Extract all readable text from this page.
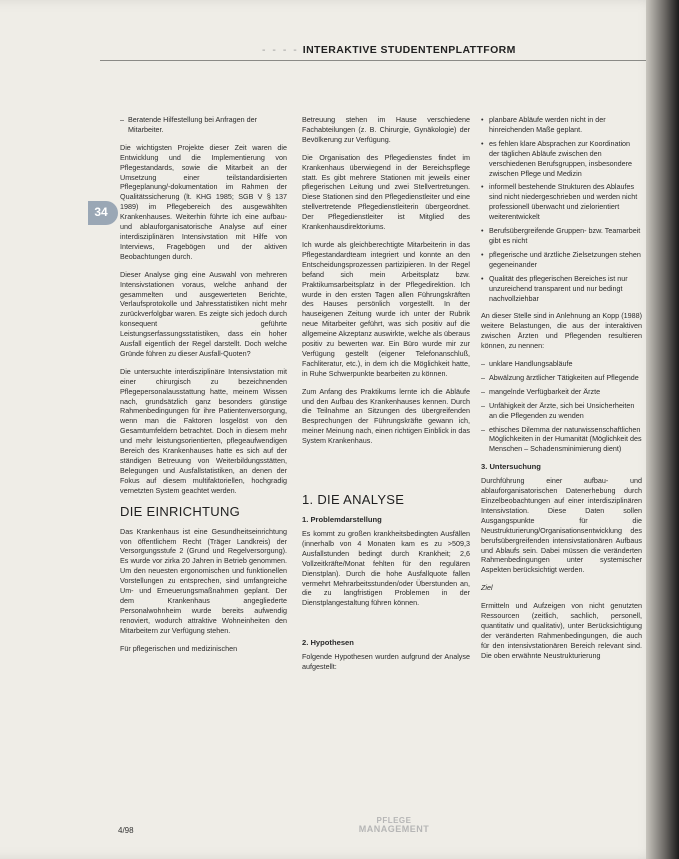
- - - - INTERAKTIVE STUDENTENPLATTFORM
34
– Beratende Hilfestellung bei Anfragen der Mitarbeiter.

Die wichtigsten Projekte dieser Zeit waren die Entwicklung und die Implementierung von Pflegestandards, sowie die Mitarbeit an der Umsetzung einer teilstandardisierten Pflegeplanung/-dokumentation im Rahmen der Qualitätssicherung (lt. KHG 1985; SGB V § 137 1989) im Pflegebereich des ausgewählten Krankenhauses. Weiterhin führte ich eine aufbau- und ablauforganisatorische Analyse auf einer interdisziplinären Intensivstation mit Hilfe von Interviews, Fragebögen und der aktiven Beobachtungen durch.

Dieser Analyse ging eine Auswahl von mehreren Intensivstationen voraus, welche anhand der gesammelten und ausgewerteten Berichte, Verlaufsprotokolle und Jahresstatistiken nicht mehr zurückverfolgbar waren. Es zeigte sich jedoch durch konsequent geführte Leistungserfassungsstatistiken, dass ein hoher Ausfall eigentlich der Regel darstellt. Doch welche Gründe führen zu dieser Ausfall-Quoten?

Die untersuchte interdisziplinäre Intensivstation mit einer chirurgisch zu bezeichnenden Pflegepersonalausstattung hatte, meinem Wissen nach, grundsätzlich ganz besonders günstige Rahmenbedingungen für ihre Patientenversorgung, wenn man die Faktoren losgelöst von den Gesamtumfeldern betrachtet. Doch in diesem mehr und mehr leistungsorientierten, pflegeaufwendigen Bereich des Krankenhauses hatte es sich auf der ständigen Betreuung von Weiterbildungsstätten, Belegungen und Ausfallstatistiken, an denen der Fokus auf diesem multifaktoriellen, hochgradig vernetzten System geachtet werden.

DIE EINRICHTUNG

Das Krankenhaus ist eine Gesundheitseinrichtung von öffentlichem Recht (Träger Landkreis) der Versorgungsstufe 2 (Grund und Regelversorgung). Es wurde vor zirka 20 Jahren in Betrieb genommen. Um den neuesten ergonomischen und funktionellen Vorstellungen zu entsprechen, sind umfangreiche Um- und Erneuerungsmaßnahmen geplant. Der dem Krankenhaus angegliederte Personalwohnheim wurde bereits aufwendig renoviert, wodurch attraktive Wohneinheiten den Mitarbeitern zur Verfügung stehen.

Für pflegerischen und medizinischen

Betreuung stehen im Hause verschiedene Fachabteilungen (z. B. Chirurgie, Gynäkologie) der Bevölkerung zur Verfügung.

Die Organisation des Pflegedienstes findet im Krankenhaus überwiegend in der Bereichspflege statt. Es gibt mehrere Stationen mit jeweils einer pflegerischen Leitung und zwei Stellvertretungen. Diese Stationen sind den Pflegedienstleiter und eine stellvertretende Pflegedienstleiterin übergeordnet. Der Pflegedienstleiter ist Mitglied des Krankenhausdirektoriums.

Ich wurde als gleichberechtigte Mitarbeiterin in das Pflegestandardteam integriert und konnte an den Entscheidungsprozessen partizipieren. In der Regel befand sich mein Arbeitsplatz bzw. Praktikumsarbeitsplatz in der Pflegedirektion. Ich wurde in den ersten Tagen allen Führungskräften des Hauses persönlich vorgestellt. In der hauseigenen Zeitung wurde ich unter der Rubrik neue Mitarbeiter geführt, was sich positiv auf die allgemeine Akzeptanz auswirkte, welche als überaus positiv zu bewerten war. Ein Büro wurde mir zur Verfügung gestellt (eigener Telefonanschluß, Fachliteratur, etc.), in dem ich die Möglichkeit hatte, in Ruhe Schwerpunkte bearbeiten zu können.

Zum Anfang des Praktikums lernte ich die Abläufe und den Aufbau des Krankenhauses kennen. Durch die Teilnahme an Sitzungen des übergreifenden Besprechungen der Führungskräfte gewann ich, meiner Meinung nach, einen richtigen Einblick in das System Krankenhaus.

1. DIE ANALYSE
1. Problemdarstellung

Es kommt zu großen krankheitsbedingten Ausfällen (innerhalb von 4 Monaten kam es zu >509,3 Ausfallstunden bedingt durch Krankheit; 2,6 Vollzeitkräfte/Monat fehlten für den regulären Dienstplan). Durch die hohe Ausfallquote fallen vermehrt Mehrarbeitsstunden/oder Überstunden an, die zu langfristigen Problemen in der Dienstplangestaltung führen können.

2. Hypothesen

Folgende Hypothesen wurden aufgrund der Analyse aufgestellt:

• planbare Abläufe werden nicht in der hinreichenden Maße geplant.
• es fehlen klare Absprachen zur Koordination der täglichen Abläufe zwischen den verschiedenen Berufsgruppen, insbesondere zwischen Pflege und Medizin
• informell bestehende Strukturen des Ablaufes sind nicht niedergeschrieben und werden nicht professionell überwacht und zielorientiert weiterentwickelt
• Berufsübergreifende Gruppen- bzw. Teamarbeit gibt es nicht
• pflegerische und ärztliche Zielsetzungen stehen gegeneinander
• Qualität des pflegerischen Bereiches ist nur unzureichend transparent und nur bedingt nachvollziehbar

An dieser Stelle sind in Anlehnung an Kopp (1988) weitere Belastungen, die aus der interaktiven zwischen Ärzten und Pflegenden resultieren können, zu nennen:

– unklare Handlungsabläufe
– Abwälzung ärztlicher Tätigkeiten auf Pflegende
– mangelnde Verfügbarkeit der Ärzte
– Unfähigkeit der Ärzte, sich bei Unsicherheiten an die Pflegenden zu wenden
– ethisches Dilemma der naturwissenschaftlichen Möglichkeiten in der Humanität (Möglichkeit des Menschen – Schadensminimierung dient)
3. Untersuchung

Durchführung einer aufbau- und ablauforganisatorischen Datenerhebung durch Einzelbeobachtungen auf einer interdisziplinären Intensivstation. Diese Daten sollen Ausgangspunkte für die Neustrukturierung/Organisationsentwicklung des berufsübergreifenden intensivstationären Aufbaus und Ablaufs sein. Dabei müssen die veränderten Rahmenbedingungen unter systemischer Aspekten berücksichtigt werden.

Ziel

Ermitteln und Aufzeigen von nicht genutzten Ressourcen (zeitlich, sachlich, personell, quantitativ und qualitativ), unter Berücksichtigung der veränderten Rahmenbedingungen, die auch für den intensivstationären Bereich relevant sind. Die oben erwähnte Neustrukturierung

4/98
PFLEGE
MANAGEMENT
